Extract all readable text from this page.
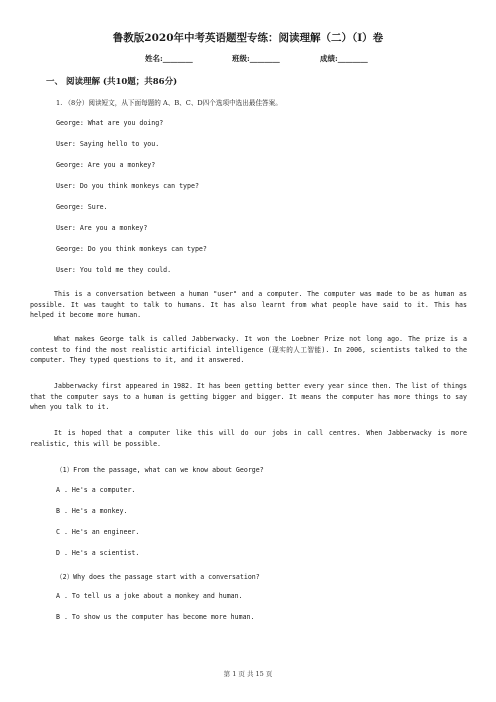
鲁教版2020年中考英语题型专练：阅读理解（二）（I）卷
姓名:________	班级:________	成绩:________
一、 阅读理解 (共10题；共86分)
1. （8分）阅读短文，从下面每题的 A、B、C、D四个选项中选出最佳答案。
George: What are you doing?
User: Saying hello to you.
George: Are you a monkey?
User: Do you think monkeys can type?
George: Sure.
User: Are you a monkey?
George: Do you think monkeys can type?
User: You told me they could.
This is a conversation between a human "user" and a computer. The computer was made to be as human as possible. It was taught to talk to humans. It has also learnt from what people have said to it. This has helped it become more human.
What makes George talk is called Jabberwacky. It won the Loebner Prize not long ago. The prize is a contest to find the most realistic artificial intelligence (现实的人工智能). In 2006, scientists talked to the computer. They typed questions to it, and it answered.
Jabberwacky first appeared in 1982. It has been getting better every year since then. The list of things that the computer says to a human is getting bigger and bigger. It means the computer has more things to say when you talk to it.
It is hoped that a computer like this will do our jobs in call centres. When Jabberwacky is more realistic, this will be possible.
（1）From the passage, what can we know about George?
A . He's a computer.
B . He's a monkey.
C . He's an engineer.
D . He's a scientist.
（2）Why does the passage start with a conversation?
A . To tell us a joke about a monkey and human.
B . To show us the computer has become more human.
第 1 页 共 15 页
